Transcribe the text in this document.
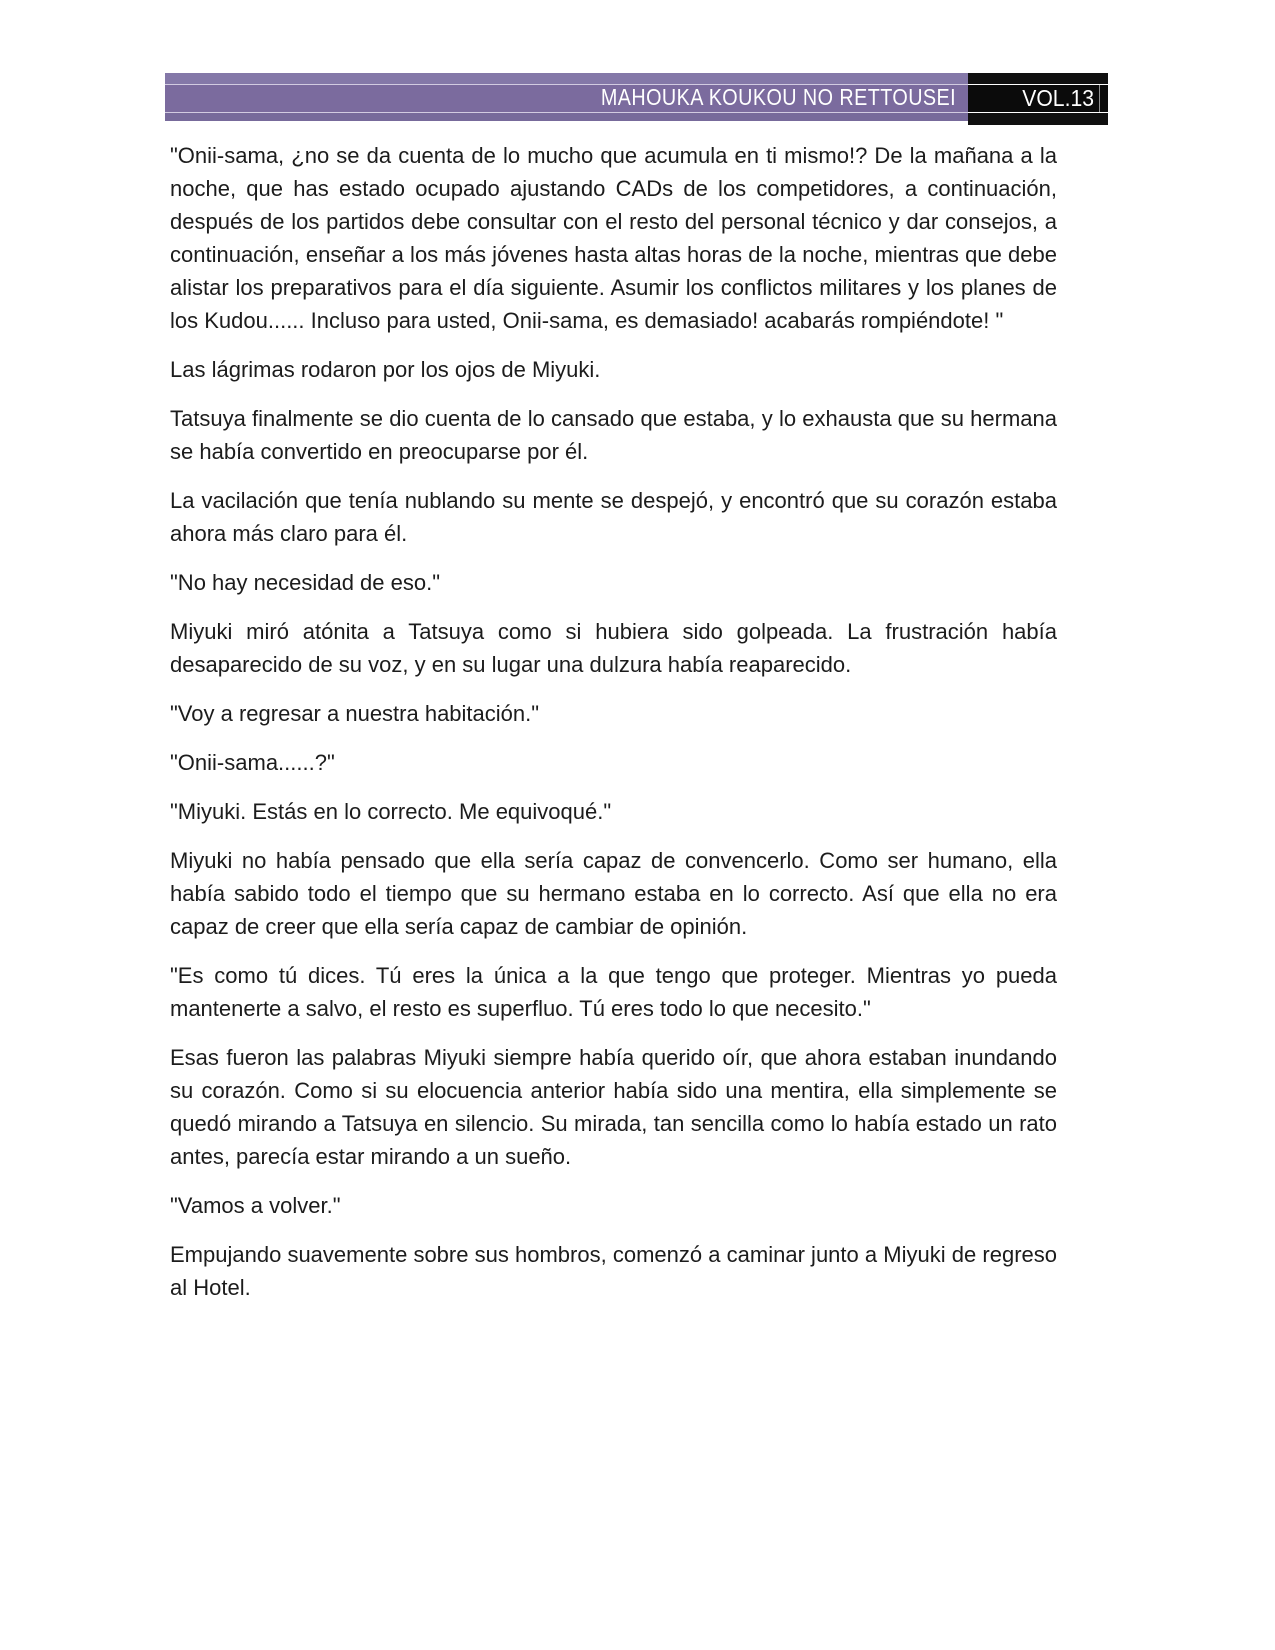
MAHOUKA KOUKOU NO RETTOUSEI	VOL.13

"Onii-sama, ¿no se da cuenta de lo mucho que acumula en ti mismo!? De la mañana a la noche, que has estado ocupado ajustando CADs de los competidores, a continuación, después de los partidos debe consultar con el resto del personal técnico y dar consejos, a continuación, enseñar a los más jóvenes hasta altas horas de la noche, mientras que debe alistar los preparativos para el día siguiente. Asumir los conflictos militares y los planes de los Kudou...... Incluso para usted, Onii-sama, es demasiado! acabarás rompiéndote! "

Las lágrimas rodaron por los ojos de Miyuki.

Tatsuya finalmente se dio cuenta de lo cansado que estaba, y lo exhausta que su hermana se había convertido en preocuparse por él.

La vacilación que tenía nublando su mente se despejó, y encontró que su corazón estaba ahora más claro para él.

"No hay necesidad de eso."

Miyuki miró atónita a Tatsuya como si hubiera sido golpeada. La frustración había desaparecido de su voz, y en su lugar una dulzura había reaparecido.

"Voy a regresar a nuestra habitación."

"Onii-sama......?"

"Miyuki. Estás en lo correcto. Me equivoqué."

Miyuki no había pensado que ella sería capaz de convencerlo. Como ser humano, ella había sabido todo el tiempo que su hermano estaba en lo correcto. Así que ella no era capaz de creer que ella sería capaz de cambiar de opinión.

"Es como tú dices. Tú eres la única a la que tengo que proteger. Mientras yo pueda mantenerte a salvo, el resto es superfluo. Tú eres todo lo que necesito."

Esas fueron las palabras Miyuki siempre había querido oír, que ahora estaban inundando su corazón. Como si su elocuencia anterior había sido una mentira, ella simplemente se quedó mirando a Tatsuya en silencio. Su mirada, tan sencilla como lo había estado un rato antes, parecía estar mirando a un sueño.

"Vamos a volver."

Empujando suavemente sobre sus hombros, comenzó a caminar junto a Miyuki de regreso al Hotel.
